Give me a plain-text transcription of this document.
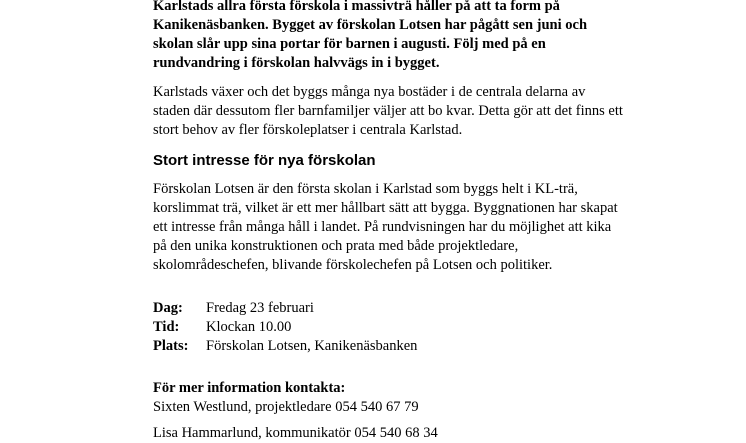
Karlstads allra första förskola i massivträ håller på att ta form på Kanikenäsbanken. Bygget av förskolan Lotsen har pågått sen juni och skolan slår upp sina portar för barnen i augusti. Följ med på en rundvandring i förskolan halvvägs in i bygget.

Karlstads växer och det byggs många nya bostäder i de centrala delarna av staden där dessutom fler barnfamiljer väljer att bo kvar. Detta gör att det finns ett stort behov av fler förskoleplatser i centrala Karlstad.

Stort intresse för nya förskolan

Förskolan Lotsen är den första skolan i Karlstad som byggs helt i KL-trä, korslimmat trä, vilket är ett mer hållbart sätt att bygga. Byggnationen har skapat ett intresse från många håll i landet. På rundvisningen har du möjlighet att kika på den unika konstruktionen och prata med både projektledare, skolområdeschefen, blivande förskolechefen på Lotsen och politiker.

Dag:	Fredag 23 februari
Tid:	Klockan 10.00
Plats:	Förskolan Lotsen, Kanikenäsbanken
För mer information kontakta:
Sixten Westlund, projektledare 054 540 67 79
Lisa Hammarlund, kommunikatör 054 540 68 34
